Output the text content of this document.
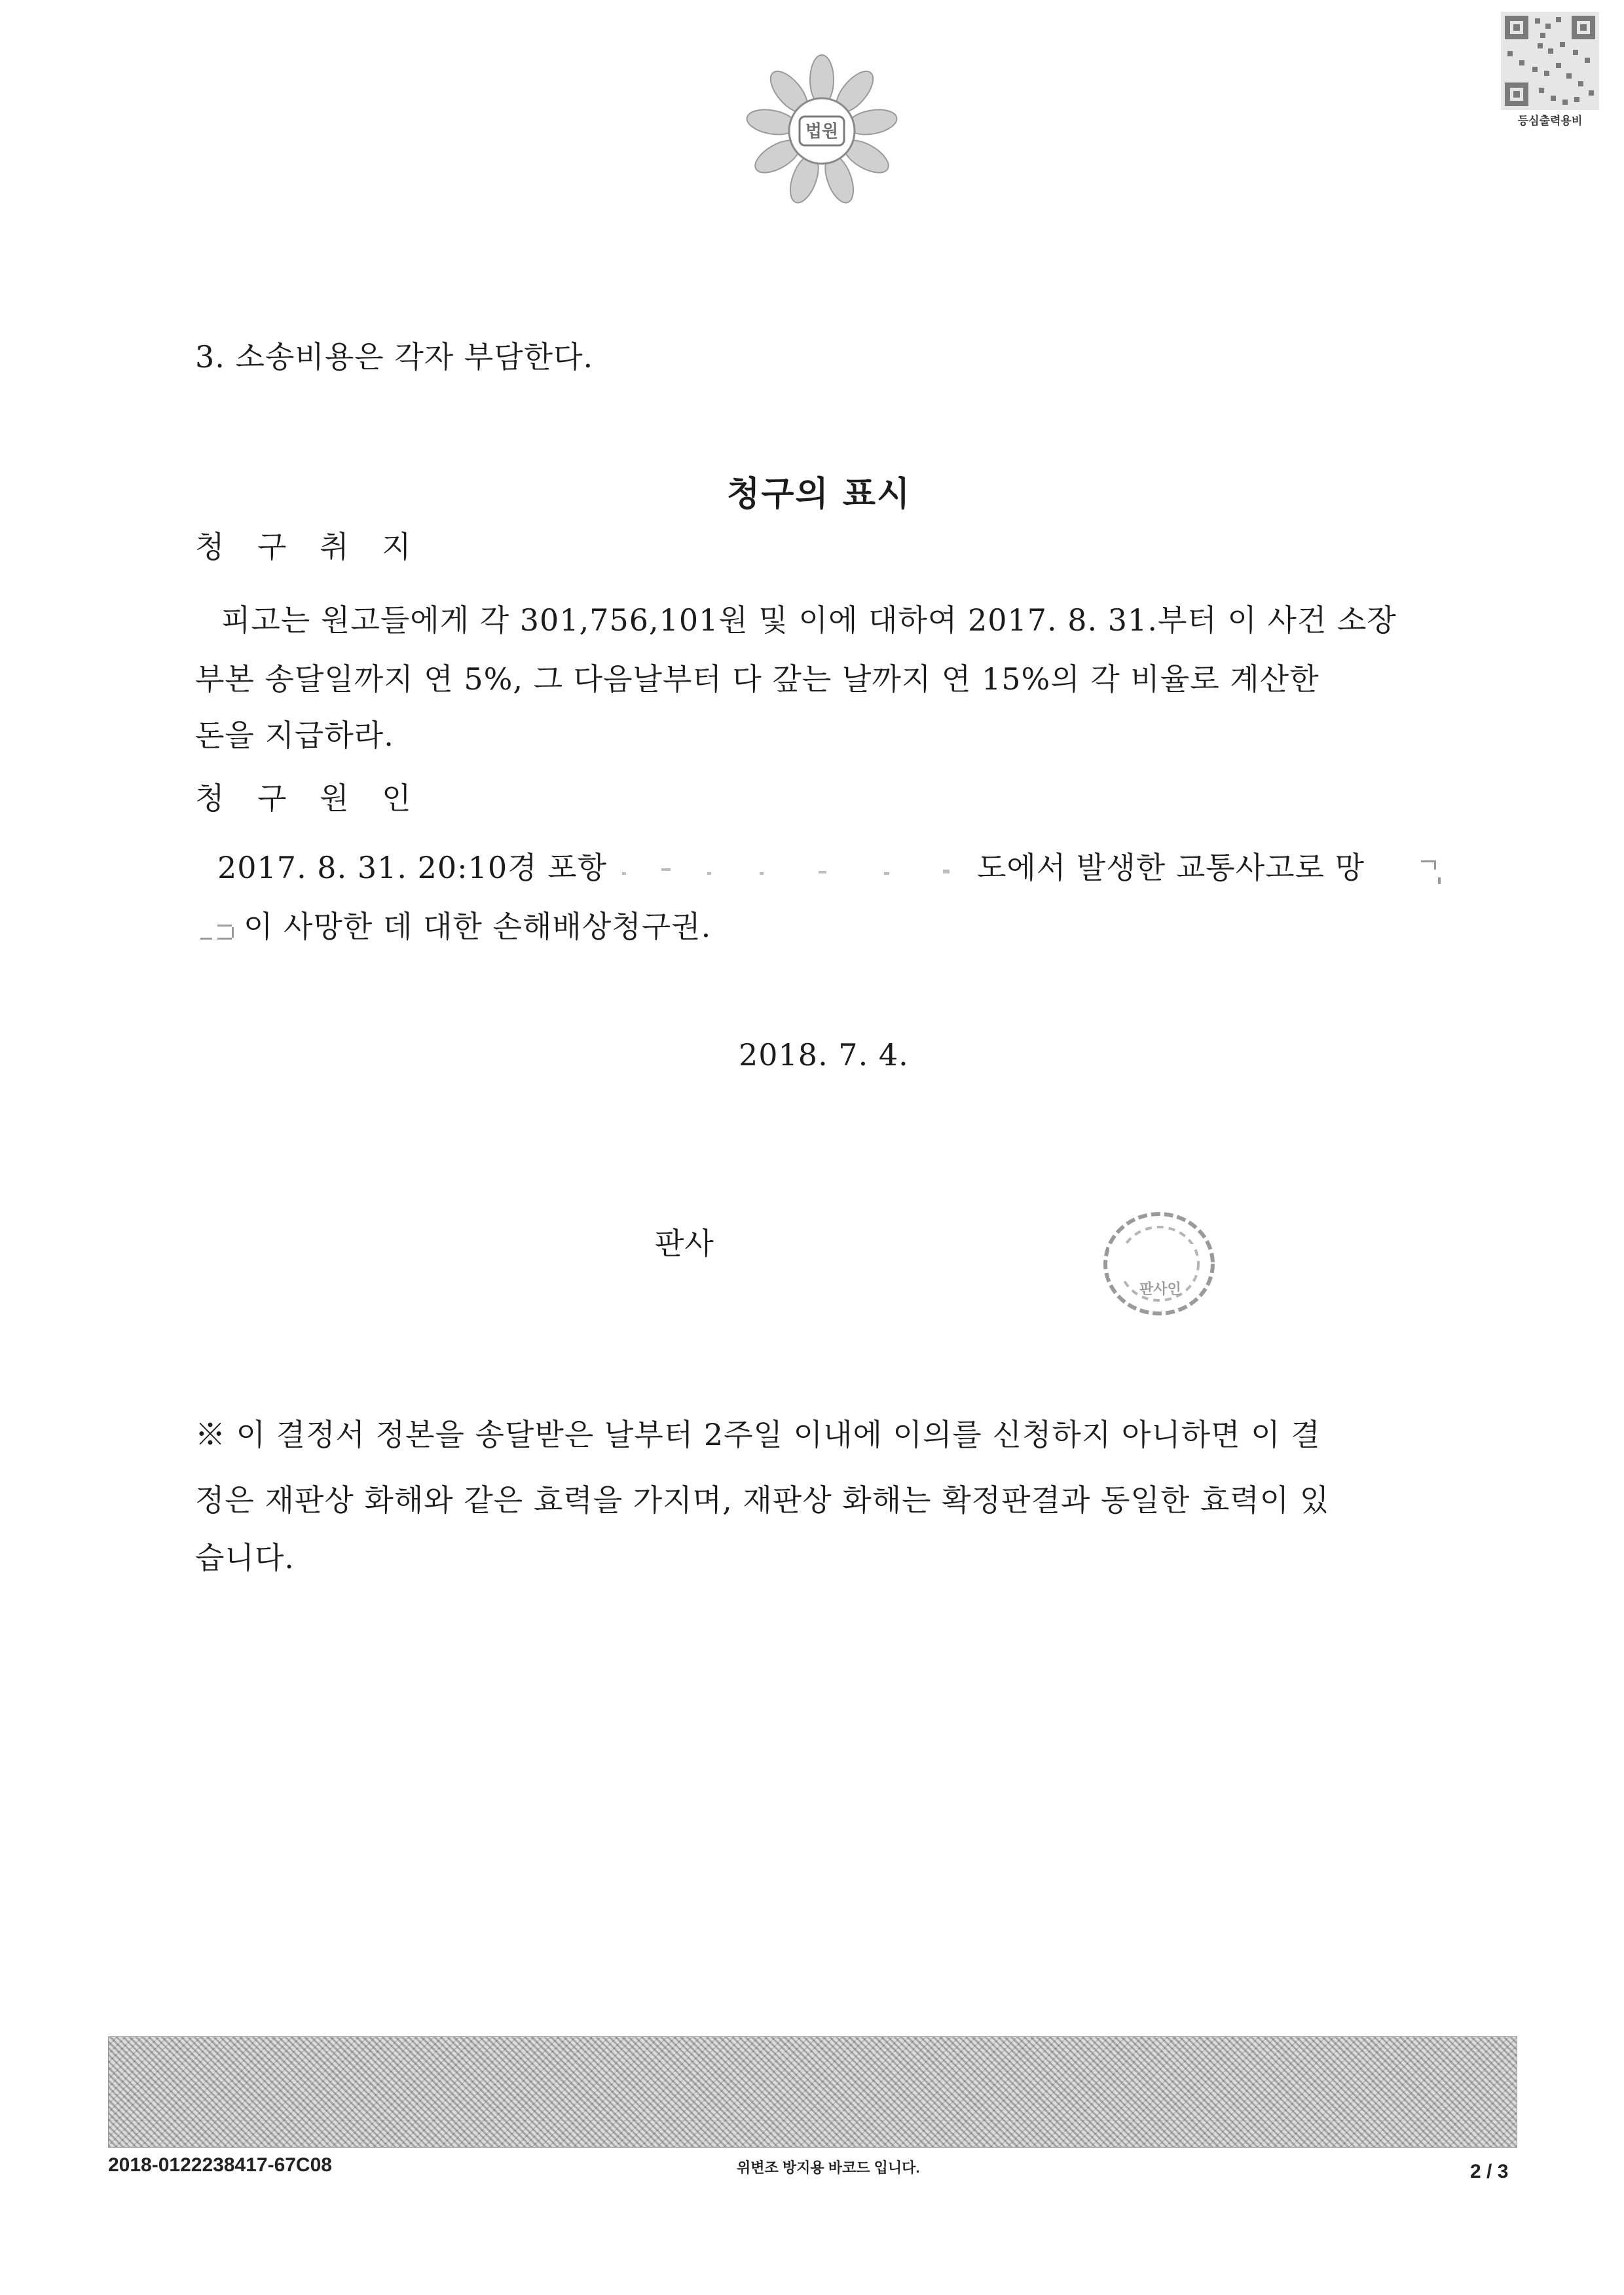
법원
등심출력용비
3. 소송비용은 각자 부담한다.
청구의 표시
청 구 취 지
피고는 원고들에게 각 301,756,101원 및 이에 대하여 2017. 8. 31.부터 이 사건 소장
부본 송달일까지 연 5%, 그 다음날부터 다 갚는 날까지 연 15%의 각 비율로 계산한
돈을 지급하라.
청 구 원 인
2017. 8. 31. 20:10경 포항	도에서 발생한 교통사고로 망
이 사망한 데 대한 손해배상청구권.
2018. 7. 4.
판사
판사인
※ 이 결정서 정본을 송달받은 날부터 2주일 이내에 이의를 신청하지 아니하면 이 결
정은 재판상 화해와 같은 효력을 가지며, 재판상 화해는 확정판결과 동일한 효력이 있
습니다.
2018-0122238417-67C08	위변조 방지용 바코드 입니다.	2 / 3
